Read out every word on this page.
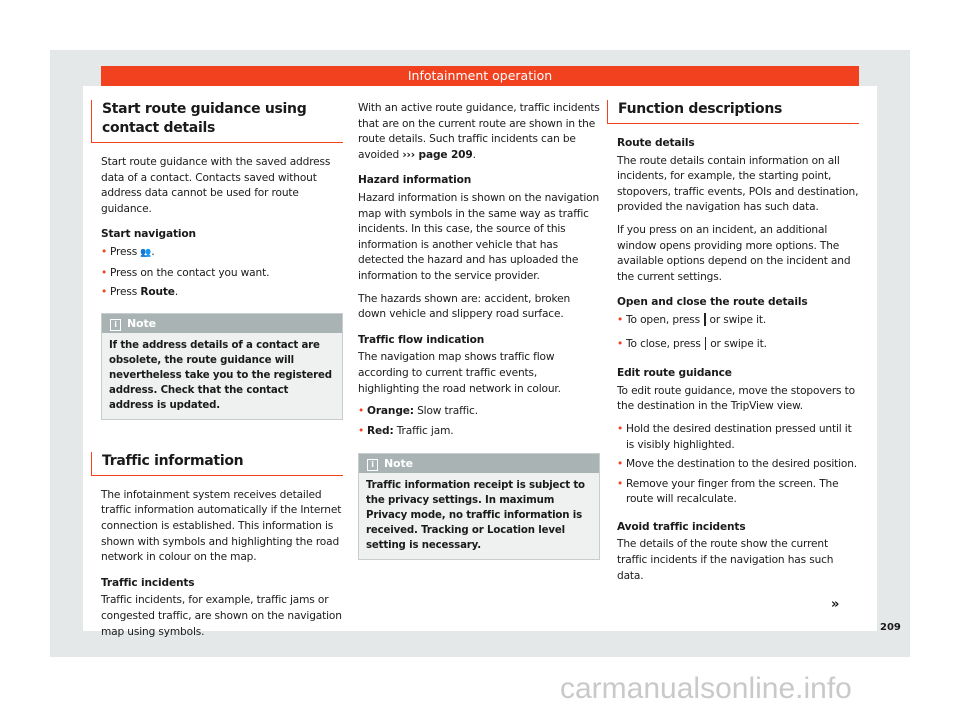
Infotainment operation
Start route guidance using contact details

Start route guidance with the saved address data of a contact. Contacts saved without address data cannot be used for route guidance.

Start navigation
• Press 👥.
• Press on the contact you want.
• Press Route.
i Note
If the address details of a contact are obsolete, the route guidance will nevertheless take you to the registered address. Check that the contact address is updated.
Traffic information

The infotainment system receives detailed traffic information automatically if the Internet connection is established. This information is shown with symbols and highlighting the road network in colour on the map.

Traffic incidents

Traffic incidents, for example, traffic jams or congested traffic, are shown on the navigation map using symbols.

With an active route guidance, traffic incidents that are on the current route are shown in the route details. Such traffic incidents can be avoided ››› page 209.

Hazard information

Hazard information is shown on the navigation map with symbols in the same way as traffic incidents. In this case, the source of this information is another vehicle that has detected the hazard and has uploaded the information to the service provider.

The hazards shown are: accident, broken down vehicle and slippery road surface.

Traffic flow indication

The navigation map shows traffic flow according to current traffic events, highlighting the road network in colour.

• Orange: Slow traffic.
• Red: Traffic jam.
i Note
Traffic information receipt is subject to the privacy settings. In maximum Privacy mode, no traffic information is received. Tracking or Location level setting is necessary.
Function descriptions
Route details

The route details contain information on all incidents, for example, the starting point, stopovers, traffic events, POIs and destination, provided the navigation has such data.

If you press on an incident, an additional window opens providing more options. The available options depend on the incident and the current settings.

Open and close the route details
• To open, press or swipe it.
• To close, press or swipe it.
Edit route guidance

To edit route guidance, move the stopovers to the destination in the TripView view.

• Hold the desired destination pressed until it is visibly highlighted.
• Move the destination to the desired position.
• Remove your finger from the screen. The route will recalculate.
Avoid traffic incidents

The details of the route show the current traffic incidents if the navigation has such data.

»
209
carmanualsonline.info
